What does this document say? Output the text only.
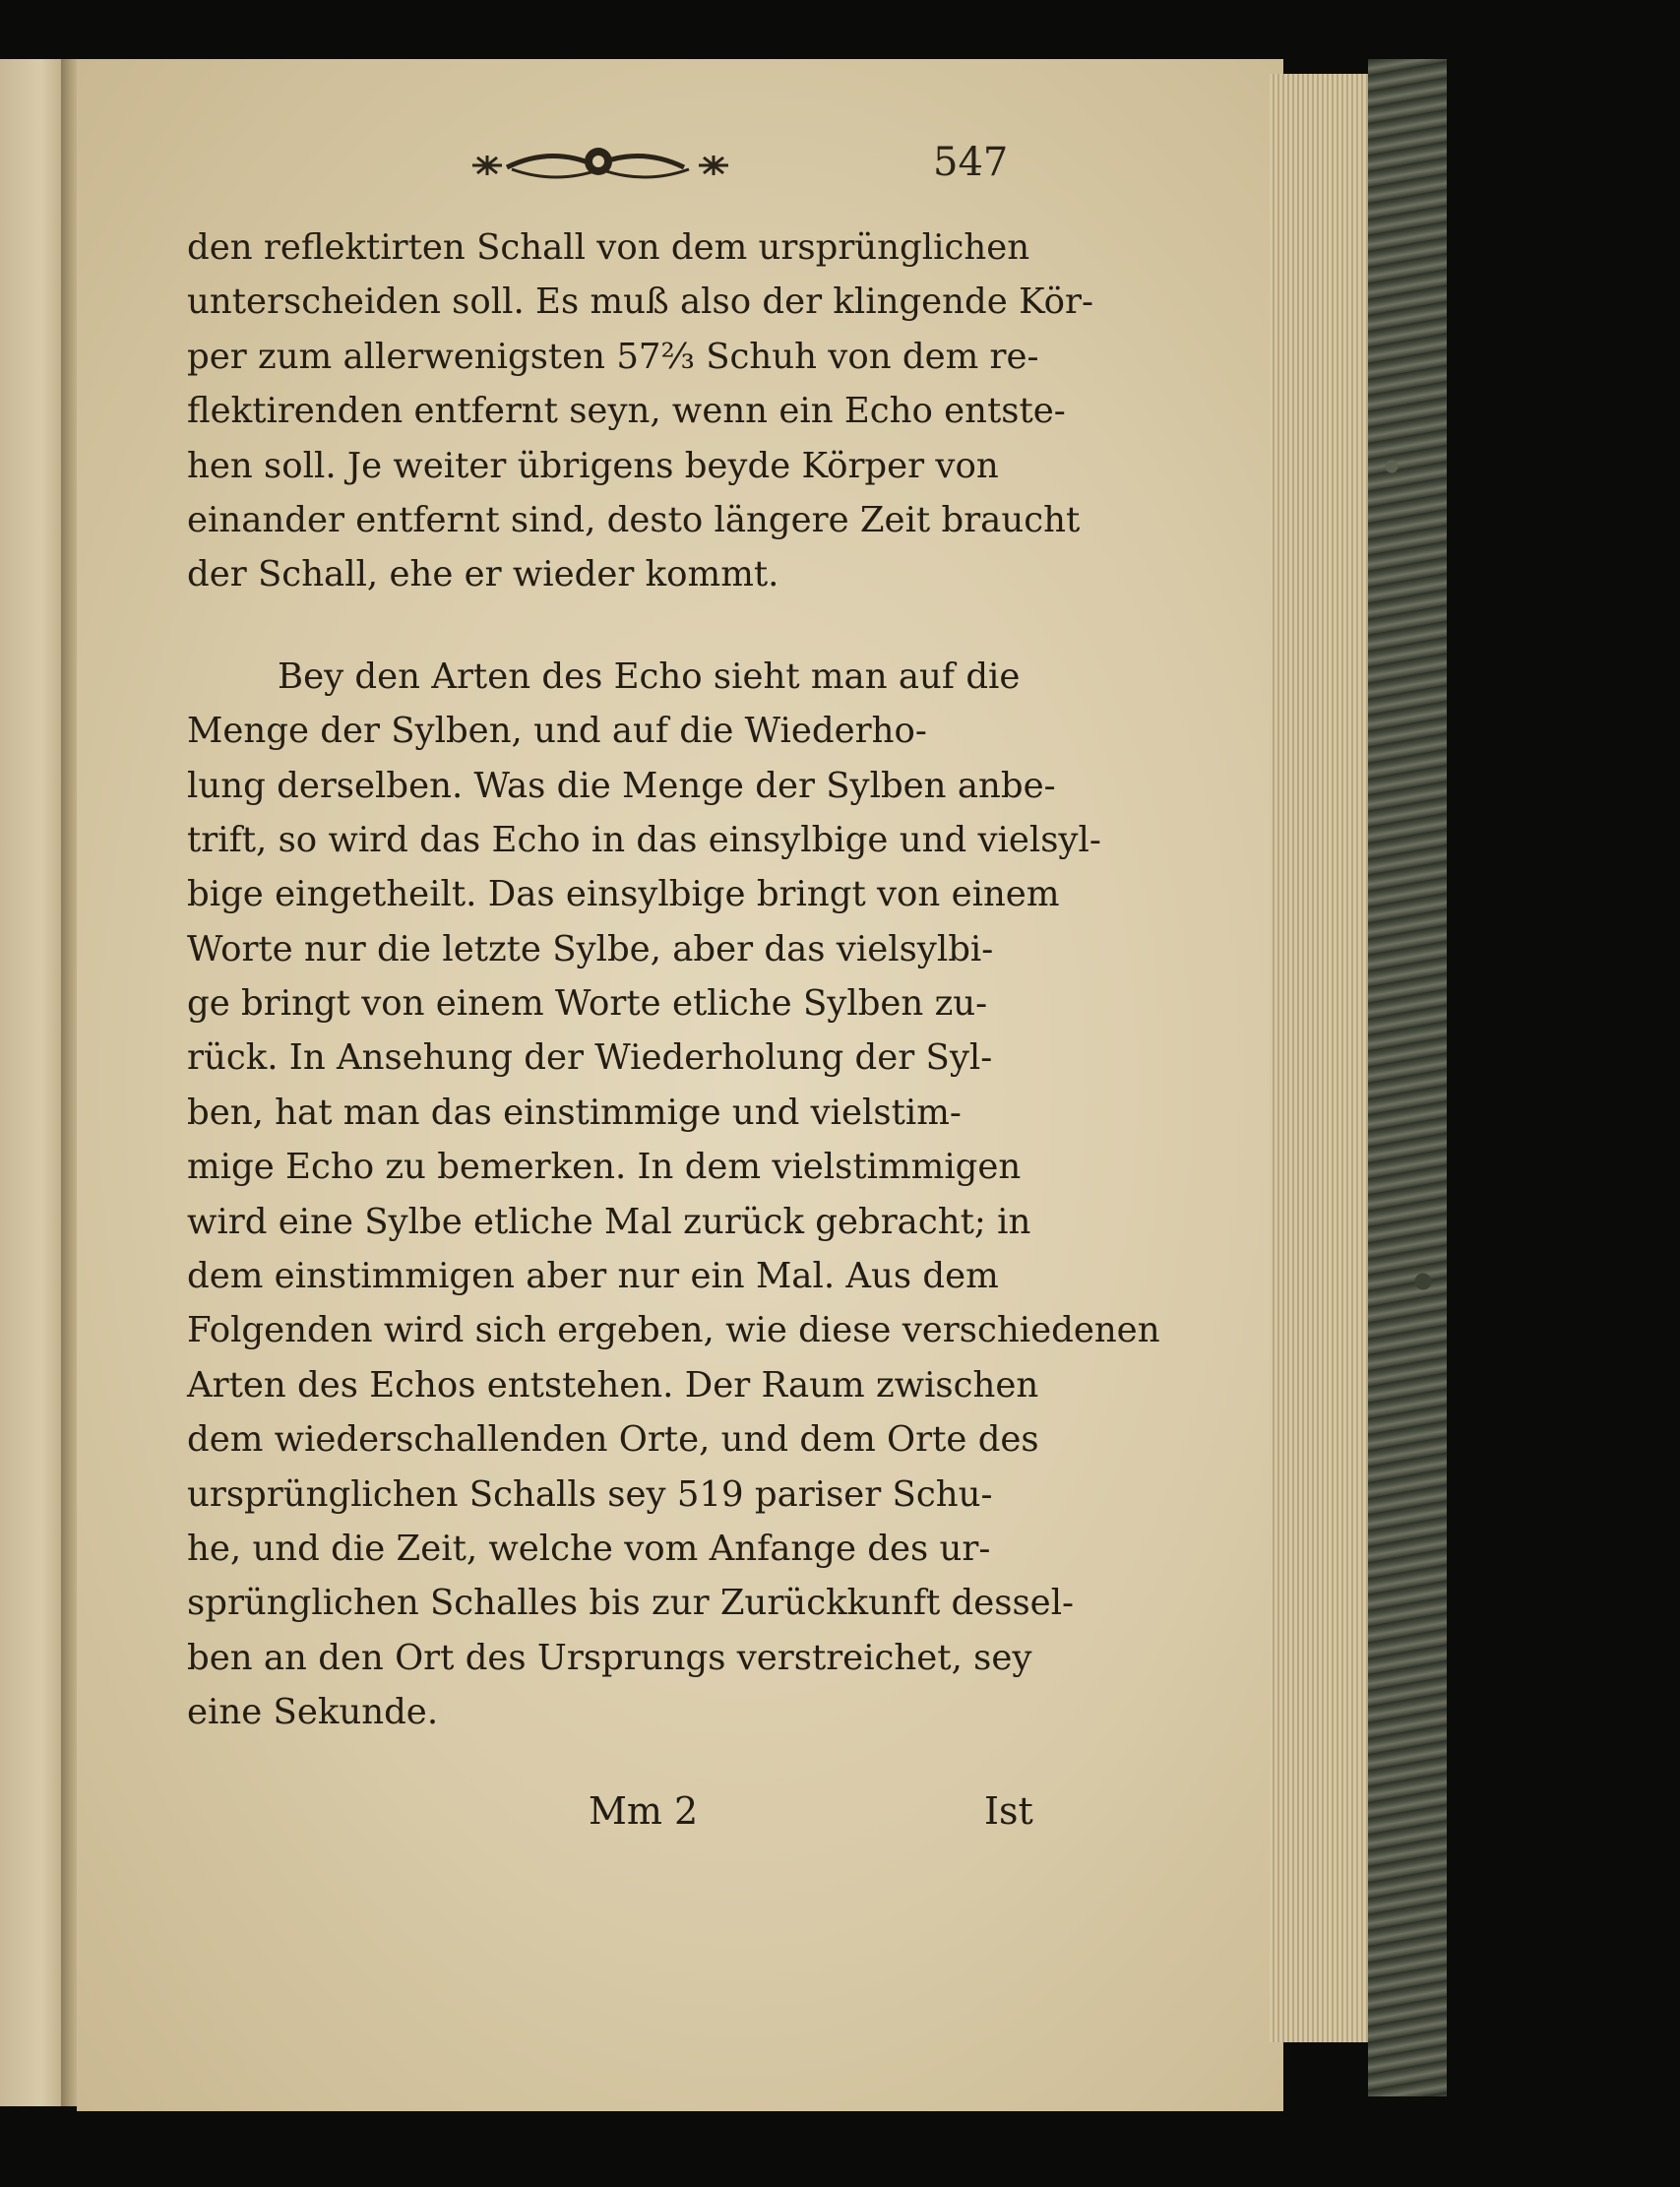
547
den reflektirten Schall von dem ursprünglichen
unterscheiden soll. Es muß also der klingende Kör-
per zum allerwenigsten 57⅔ Schuh von dem re-
flektirenden entfernt seyn, wenn ein Echo entste-
hen soll. Je weiter übrigens beyde Körper von
einander entfernt sind, desto längere Zeit braucht
der Schall, ehe er wieder kommt.
Bey den Arten des Echo sieht man auf die
Menge der Sylben, und auf die Wiederho-
lung derselben. Was die Menge der Sylben anbe-
trift, so wird das Echo in das einsylbige und vielsyl-
bige eingetheilt. Das einsylbige bringt von einem
Worte nur die letzte Sylbe, aber das vielsylbi-
ge bringt von einem Worte etliche Sylben zu-
rück. In Ansehung der Wiederholung der Syl-
ben, hat man das einstimmige und vielstim-
mige Echo zu bemerken. In dem vielstimmigen
wird eine Sylbe etliche Mal zurück gebracht; in
dem einstimmigen aber nur ein Mal. Aus dem
Folgenden wird sich ergeben, wie diese verschiedenen
Arten des Echos entstehen. Der Raum zwischen
dem wiederschallenden Orte, und dem Orte des
ursprünglichen Schalls sey 519 pariser Schu-
he, und die Zeit, welche vom Anfange des ur-
sprünglichen Schalles bis zur Zurückkunft dessel-
ben an den Ort des Ursprungs verstreichet, sey
eine Sekunde.
Mm 2	Ist
